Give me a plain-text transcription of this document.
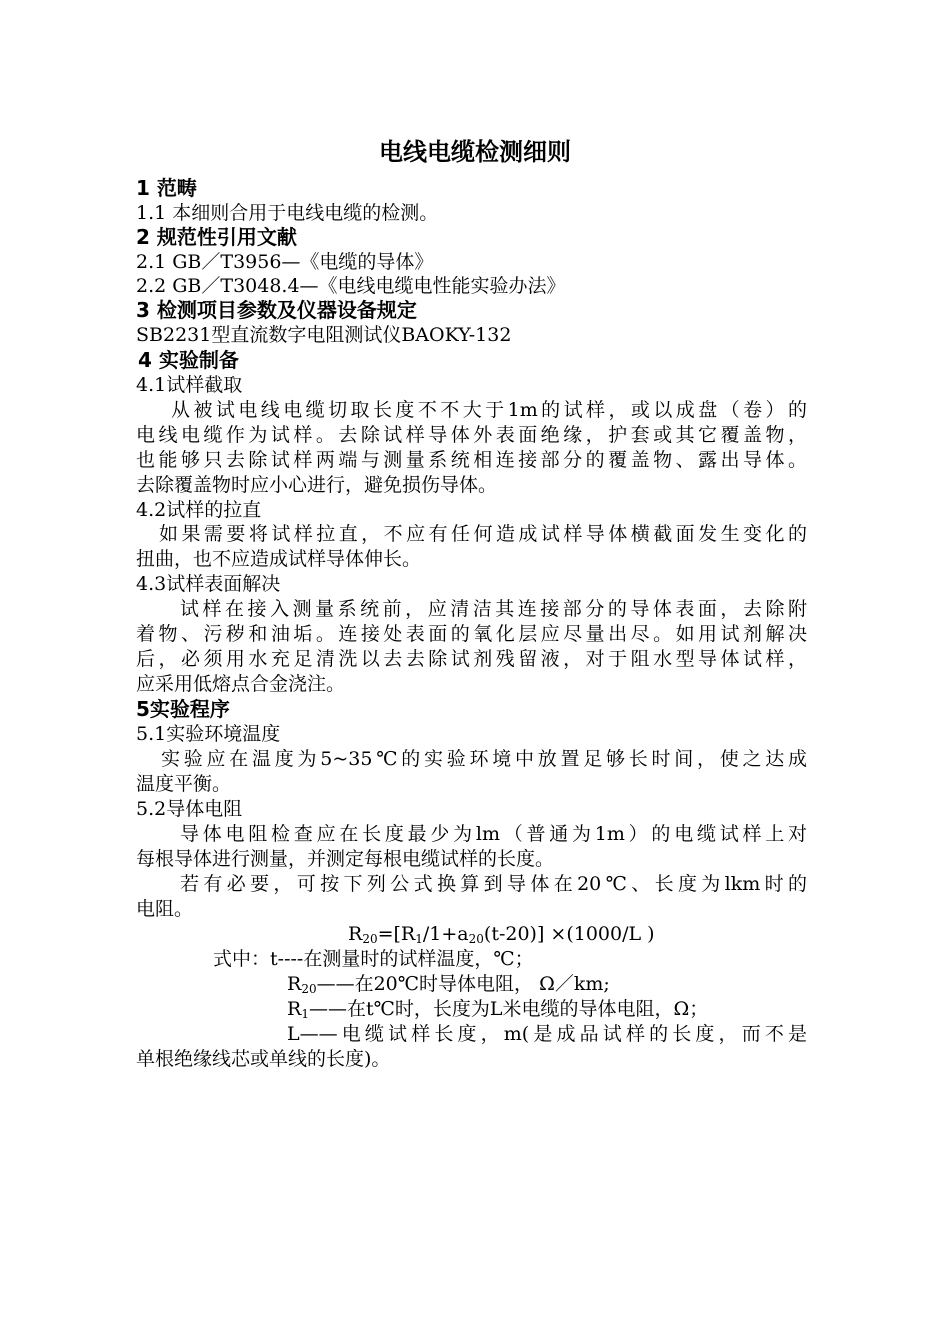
电线电缆检测细则
1 范畴
1.1 本细则合用于电线电缆的检测。
2 规范性引用文献
2.1 GB／T3956—《电缆的导体》
2.2 GB／T3048.4—《电线电缆电性能实验办法》
3 检测项目参数及仪器设备规定
SB2231型直流数字电阻测试仪BAOKY-132
4 实验制备
4.1试样截取
从被试电线电缆切取长度不不大于1m的试样，或以成盘（卷）的
电线电缆作为试样。去除试样导体外表面绝缘，护套或其它覆盖物，
也能够只去除试样两端与测量系统相连接部分的覆盖物、露出导体。
去除覆盖物时应小心进行，避免损伤导体。
4.2试样的拉直
如果需要将试样拉直，不应有任何造成试样导体横截面发生变化的
扭曲，也不应造成试样导体伸长。
4.3试样表面解决
试样在接入测量系统前，应清洁其连接部分的导体表面，去除附
着物、污秽和油垢。连接处表面的氧化层应尽量出尽。如用试剂解决
后，必须用水充足清洗以去去除试剂残留液，对于阻水型导体试样，
应采用低熔点合金浇注。
5实验程序
5.1实验环境温度
实验应在温度为5~35℃的实验环境中放置足够长时间，使之达成
温度平衡。
5.2导体电阻
导体电阻检查应在长度最少为lm（普通为1m）的电缆试样上对
每根导体进行测量，并测定每根电缆试样的长度。
若有必要，可按下列公式换算到导体在20℃、长度为lkm时的
电阻。
$R_{20}=[R_1/1+a_{20}(t-20)] \times(1000/L$ )
式中：t----在测量时的试样温度，℃；
$R_{20}——$在20℃时导体电阻， Ω／km;
$R_1——$在t℃时，长度为L米电缆的导体电阻，Ω；
L——电缆试样长度，m(是成品试样的长度，而不是
单根绝缘线芯或单线的长度)。
